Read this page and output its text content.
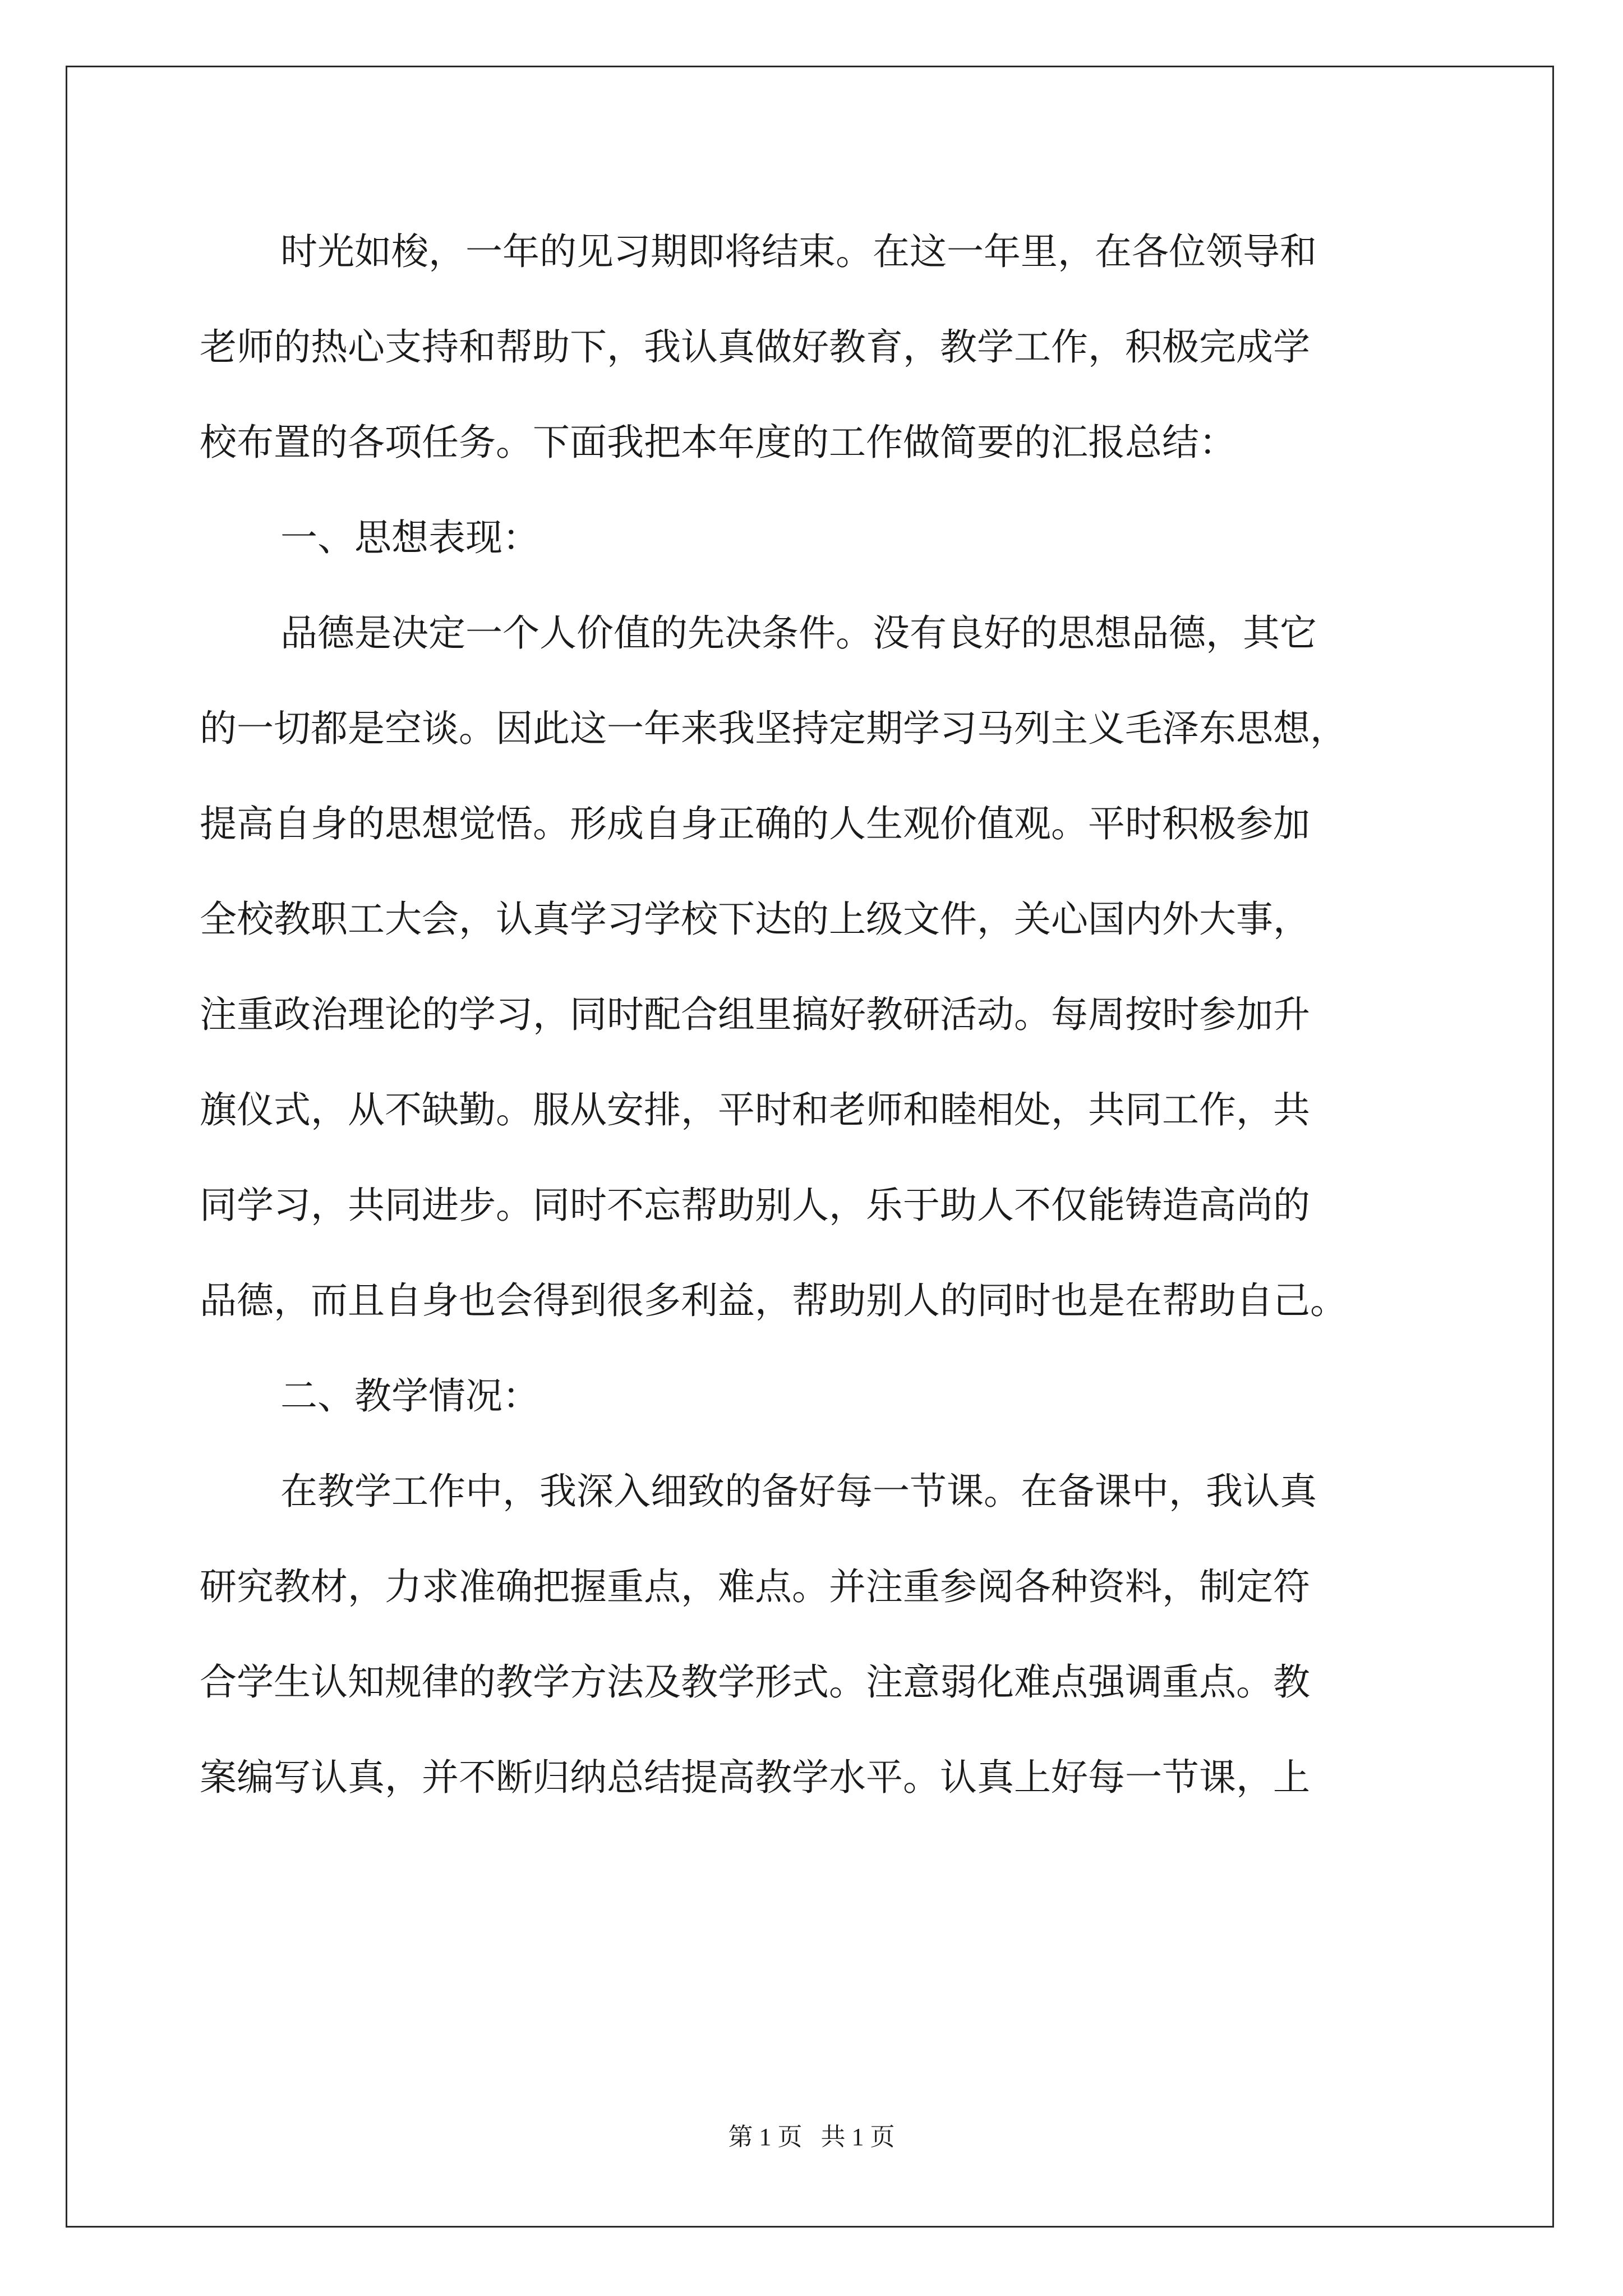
时光如梭，一年的见习期即将结束。在这一年里，在各位领导和

老师的热心支持和帮助下，我认真做好教育，教学工作，积极完成学

校布置的各项任务。下面我把本年度的工作做简要的汇报总结：

一、思想表现：

品德是决定一个人价值的先决条件。没有良好的思想品德，其它

的一切都是空谈。因此这一年来我坚持定期学习马列主义毛泽东思想，

提高自身的思想觉悟。形成自身正确的人生观价值观。平时积极参加

全校教职工大会，认真学习学校下达的上级文件，关心国内外大事，

注重政治理论的学习，同时配合组里搞好教研活动。每周按时参加升

旗仪式，从不缺勤。服从安排，平时和老师和睦相处，共同工作，共

同学习，共同进步。同时不忘帮助别人，乐于助人不仅能铸造高尚的

品德，而且自身也会得到很多利益，帮助别人的同时也是在帮助自己。

二、教学情况：

在教学工作中，我深入细致的备好每一节课。在备课中，我认真

研究教材，力求准确把握重点，难点。并注重参阅各种资料，制定符

合学生认知规律的教学方法及教学形式。注意弱化难点强调重点。教

案编写认真，并不断归纳总结提高教学水平。认真上好每一节课，上

第 1 页   共 1 页
